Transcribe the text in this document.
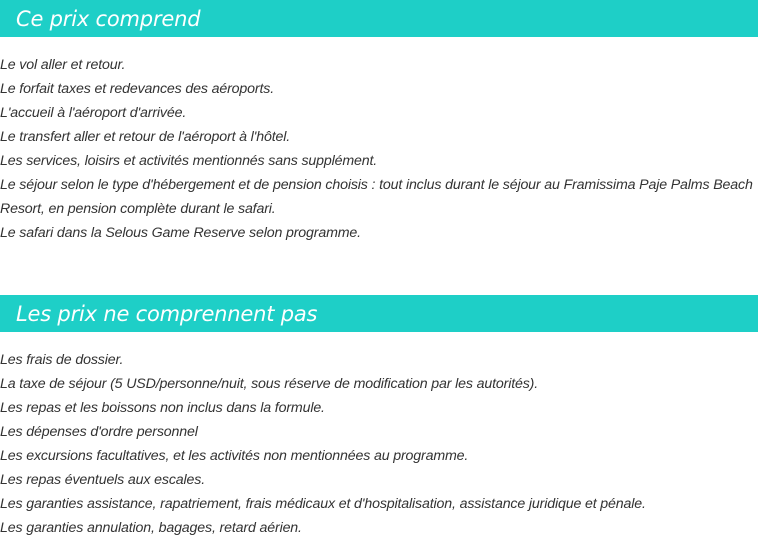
Ce prix comprend
Le vol aller et retour.
Le forfait taxes et redevances des aéroports.
L'accueil à l'aéroport d'arrivée.
Le transfert aller et retour de l'aéroport à l'hôtel.
Les services, loisirs et activités mentionnés sans supplément.
Le séjour selon le type d'hébergement et de pension choisis : tout inclus durant le séjour au Framissima Paje Palms Beach Resort, en pension complète durant le safari.
Le safari dans la Selous Game Reserve selon programme.
Les prix ne comprennent pas
Les frais de dossier.
La taxe de séjour (5 USD/personne/nuit, sous réserve de modification par les autorités).
Les repas et les boissons non inclus dans la formule.
Les dépenses d'ordre personnel
Les excursions facultatives, et les activités non mentionnées au programme.
Les repas éventuels aux escales.
Les garanties assistance, rapatriement, frais médicaux et d'hospitalisation, assistance juridique et pénale.
Les garanties annulation, bagages, retard aérien.
